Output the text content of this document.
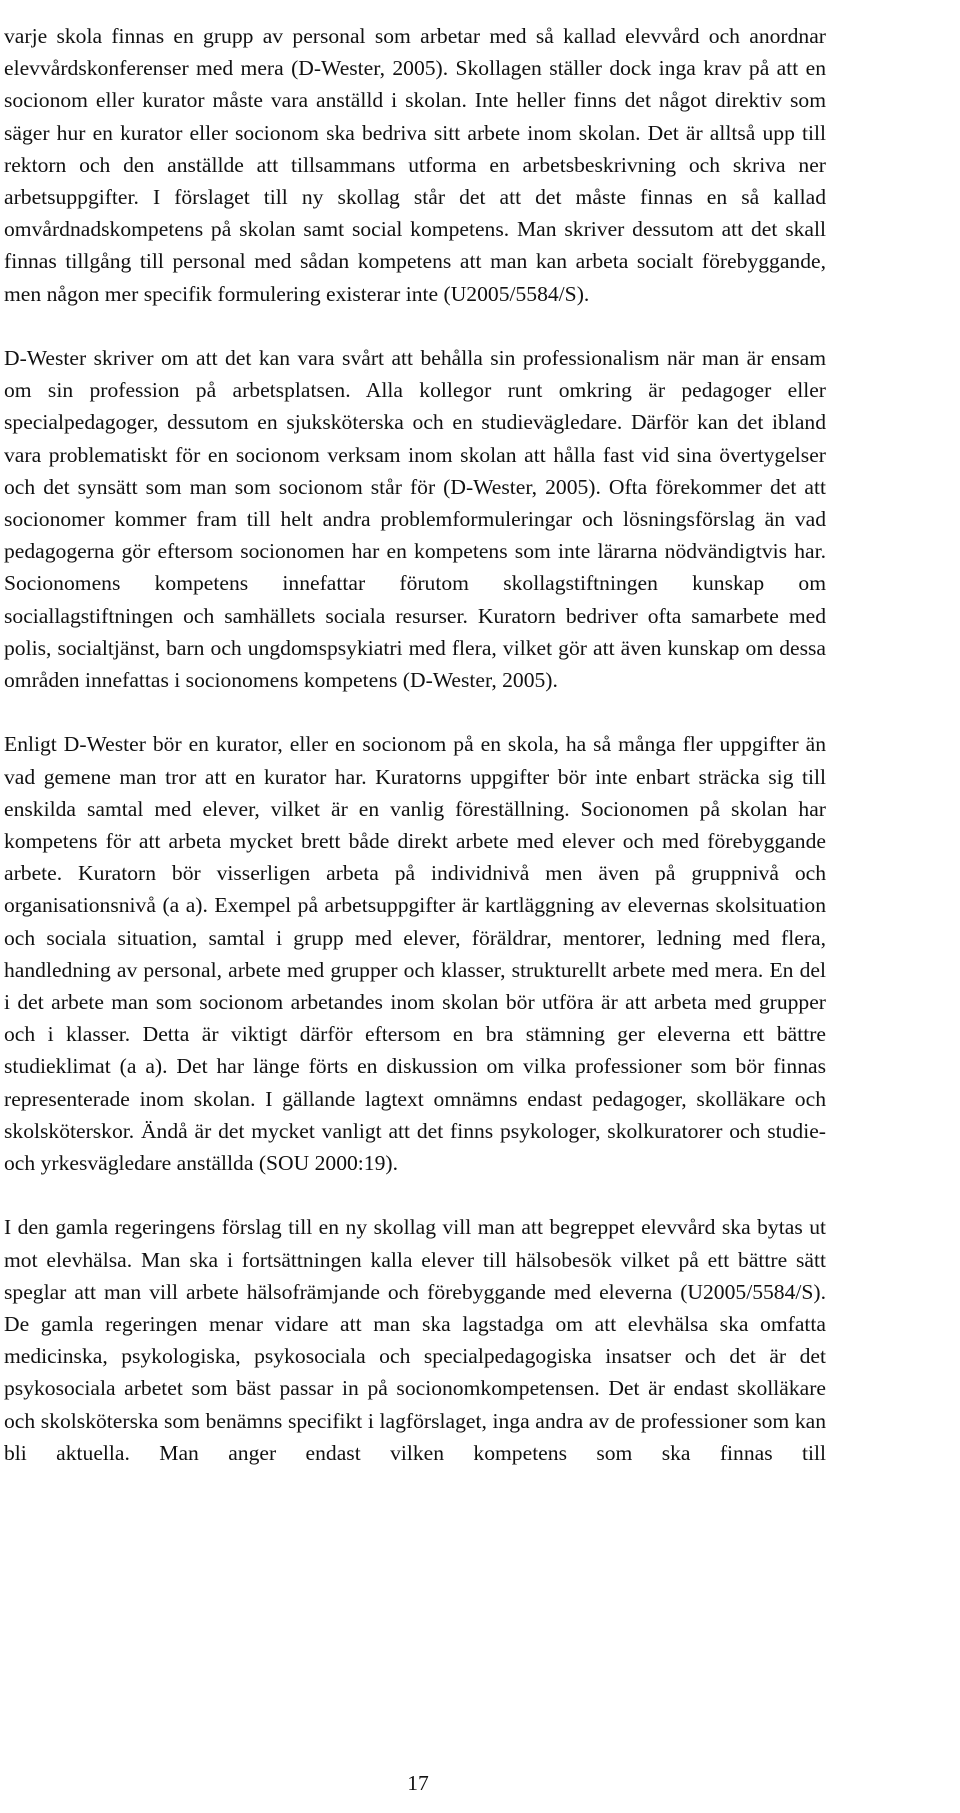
varje skola finnas en grupp av personal som arbetar med så kallad elevvård och anordnar elevvårdskonferenser med mera (D-Wester, 2005). Skollagen ställer dock inga krav på att en socionom eller kurator måste vara anställd i skolan. Inte heller finns det något direktiv som säger hur en kurator eller socionom ska bedriva sitt arbete inom skolan. Det är alltså upp till rektorn och den anställde att tillsammans utforma en arbetsbeskrivning och skriva ner arbetsuppgifter. I förslaget till ny skollag står det att det måste finnas en så kallad omvårdnadskompetens på skolan samt social kompetens. Man skriver dessutom att det skall finnas tillgång till personal med sådan kompetens att man kan arbeta socialt förebyggande, men någon mer specifik formulering existerar inte (U2005/5584/S).

D-Wester skriver om att det kan vara svårt att behålla sin professionalism när man är ensam om sin profession på arbetsplatsen. Alla kollegor runt omkring är pedagoger eller specialpedagoger, dessutom en sjuksköterska och en studievägledare. Därför kan det ibland vara problematiskt för en socionom verksam inom skolan att hålla fast vid sina övertygelser och det synsätt som man som socionom står för (D-Wester, 2005). Ofta förekommer det att socionomer kommer fram till helt andra problemformuleringar och lösningsförslag än vad pedagogerna gör eftersom socionomen har en kompetens som inte lärarna nödvändigtvis har. Socionomens kompetens innefattar förutom skollagstiftningen kunskap om sociallagstiftningen och samhällets sociala resurser. Kuratorn bedriver ofta samarbete med polis, socialtjänst, barn och ungdomspsykiatri med flera, vilket gör att även kunskap om dessa områden innefattas i socionomens kompetens (D-Wester, 2005).

Enligt D-Wester bör en kurator, eller en socionom på en skola, ha så många fler uppgifter än vad gemene man tror att en kurator har. Kuratorns uppgifter bör inte enbart sträcka sig till enskilda samtal med elever, vilket är en vanlig föreställning. Socionomen på skolan har kompetens för att arbeta mycket brett både direkt arbete med elever och med förebyggande arbete. Kuratorn bör visserligen arbeta på individnivå men även på gruppnivå och organisationsnivå (a a). Exempel på arbetsuppgifter är kartläggning av elevernas skolsituation och sociala situation, samtal i grupp med elever, föräldrar, mentorer, ledning med flera, handledning av personal, arbete med grupper och klasser, strukturellt arbete med mera. En del i det arbete man som socionom arbetandes inom skolan bör utföra är att arbeta med grupper och i klasser. Detta är viktigt därför eftersom en bra stämning ger eleverna ett bättre studieklimat (a a). Det har länge förts en diskussion om vilka professioner som bör finnas representerade inom skolan. I gällande lagtext omnämns endast pedagoger, skolläkare och skolsköterskor. Ändå är det mycket vanligt att det finns psykologer, skolkuratorer och studie- och yrkesvägledare anställda (SOU 2000:19).

I den gamla regeringens förslag till en ny skollag vill man att begreppet elevvård ska bytas ut mot elevhälsa. Man ska i fortsättningen kalla elever till hälsobesök vilket på ett bättre sätt speglar att man vill arbete hälsofrämjande och förebyggande med eleverna (U2005/5584/S). De gamla regeringen menar vidare att man ska lagstadga om att elevhälsa ska omfatta medicinska, psykologiska, psykosociala och specialpedagogiska insatser och det är det psykosociala arbetet som bäst passar in på socionomkompetensen. Det är endast skolläkare och skolsköterska som benämns specifikt i lagförslaget, inga andra av de professioner som kan bli aktuella. Man anger endast vilken kompetens som ska finnas till

17
